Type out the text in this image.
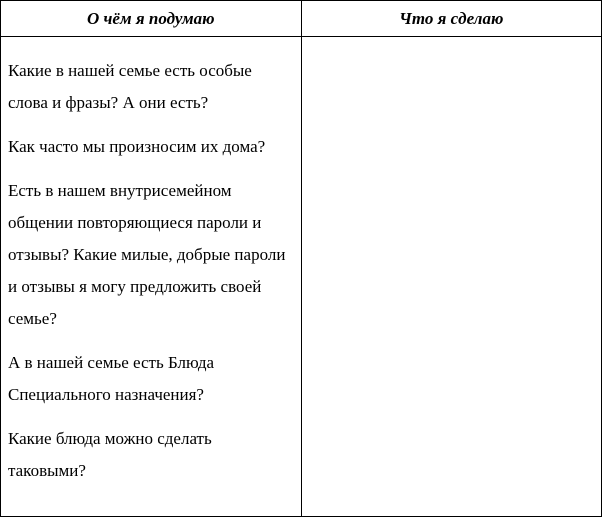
О чём я подумаю	Что я сделаю

Какие в нашей семье есть особые слова и фразы? А они есть?

Как часто мы произносим их дома?

Есть в нашем внутрисемейном общении повторяющиеся пароли и отзывы? Какие милые, добрые пароли и отзывы я могу предложить своей семье?

А в нашей семье есть Блюда Специального назначения?

Какие блюда можно сделать таковыми?	
